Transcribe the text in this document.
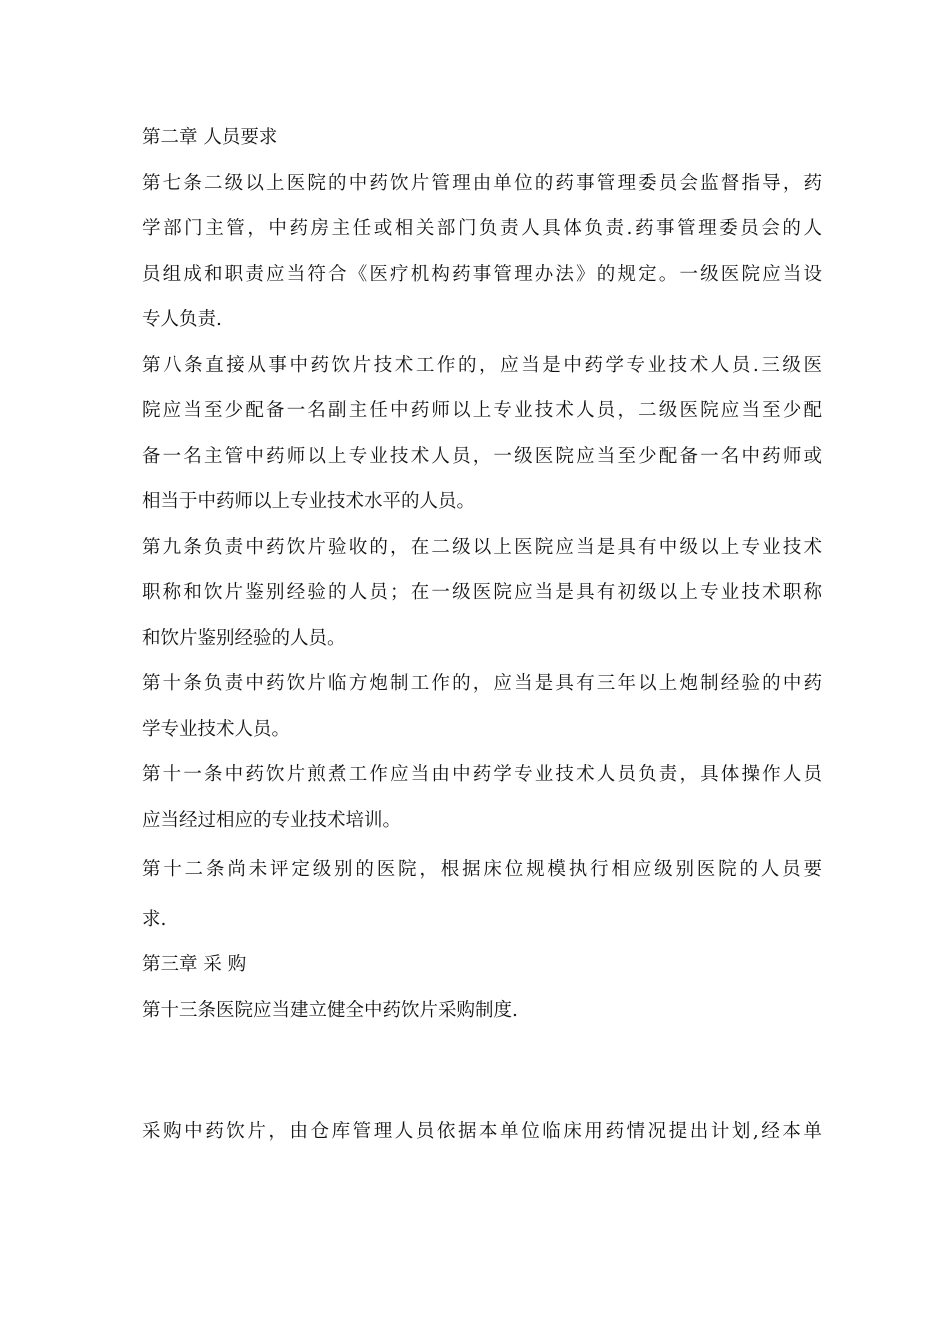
第二章 人员要求
第七条二级以上医院的中药饮片管理由单位的药事管理委员会监督指导，药
学部门主管，中药房主任或相关部门负责人具体负责.药事管理委员会的人
员组成和职责应当符合《医疗机构药事管理办法》的规定。一级医院应当设
专人负责.
第八条直接从事中药饮片技术工作的，应当是中药学专业技术人员.三级医
院应当至少配备一名副主任中药师以上专业技术人员，二级医院应当至少配
备一名主管中药师以上专业技术人员，一级医院应当至少配备一名中药师或
相当于中药师以上专业技术水平的人员。
第九条负责中药饮片验收的，在二级以上医院应当是具有中级以上专业技术
职称和饮片鉴别经验的人员；在一级医院应当是具有初级以上专业技术职称
和饮片鉴别经验的人员。
第十条负责中药饮片临方炮制工作的，应当是具有三年以上炮制经验的中药
学专业技术人员。
第十一条中药饮片煎煮工作应当由中药学专业技术人员负责，具体操作人员
应当经过相应的专业技术培训。
第十二条尚未评定级别的医院，根据床位规模执行相应级别医院的人员要
求.
第三章 采 购
第十三条医院应当建立健全中药饮片采购制度.
采购中药饮片，由仓库管理人员依据本单位临床用药情况提出计划,经本单
